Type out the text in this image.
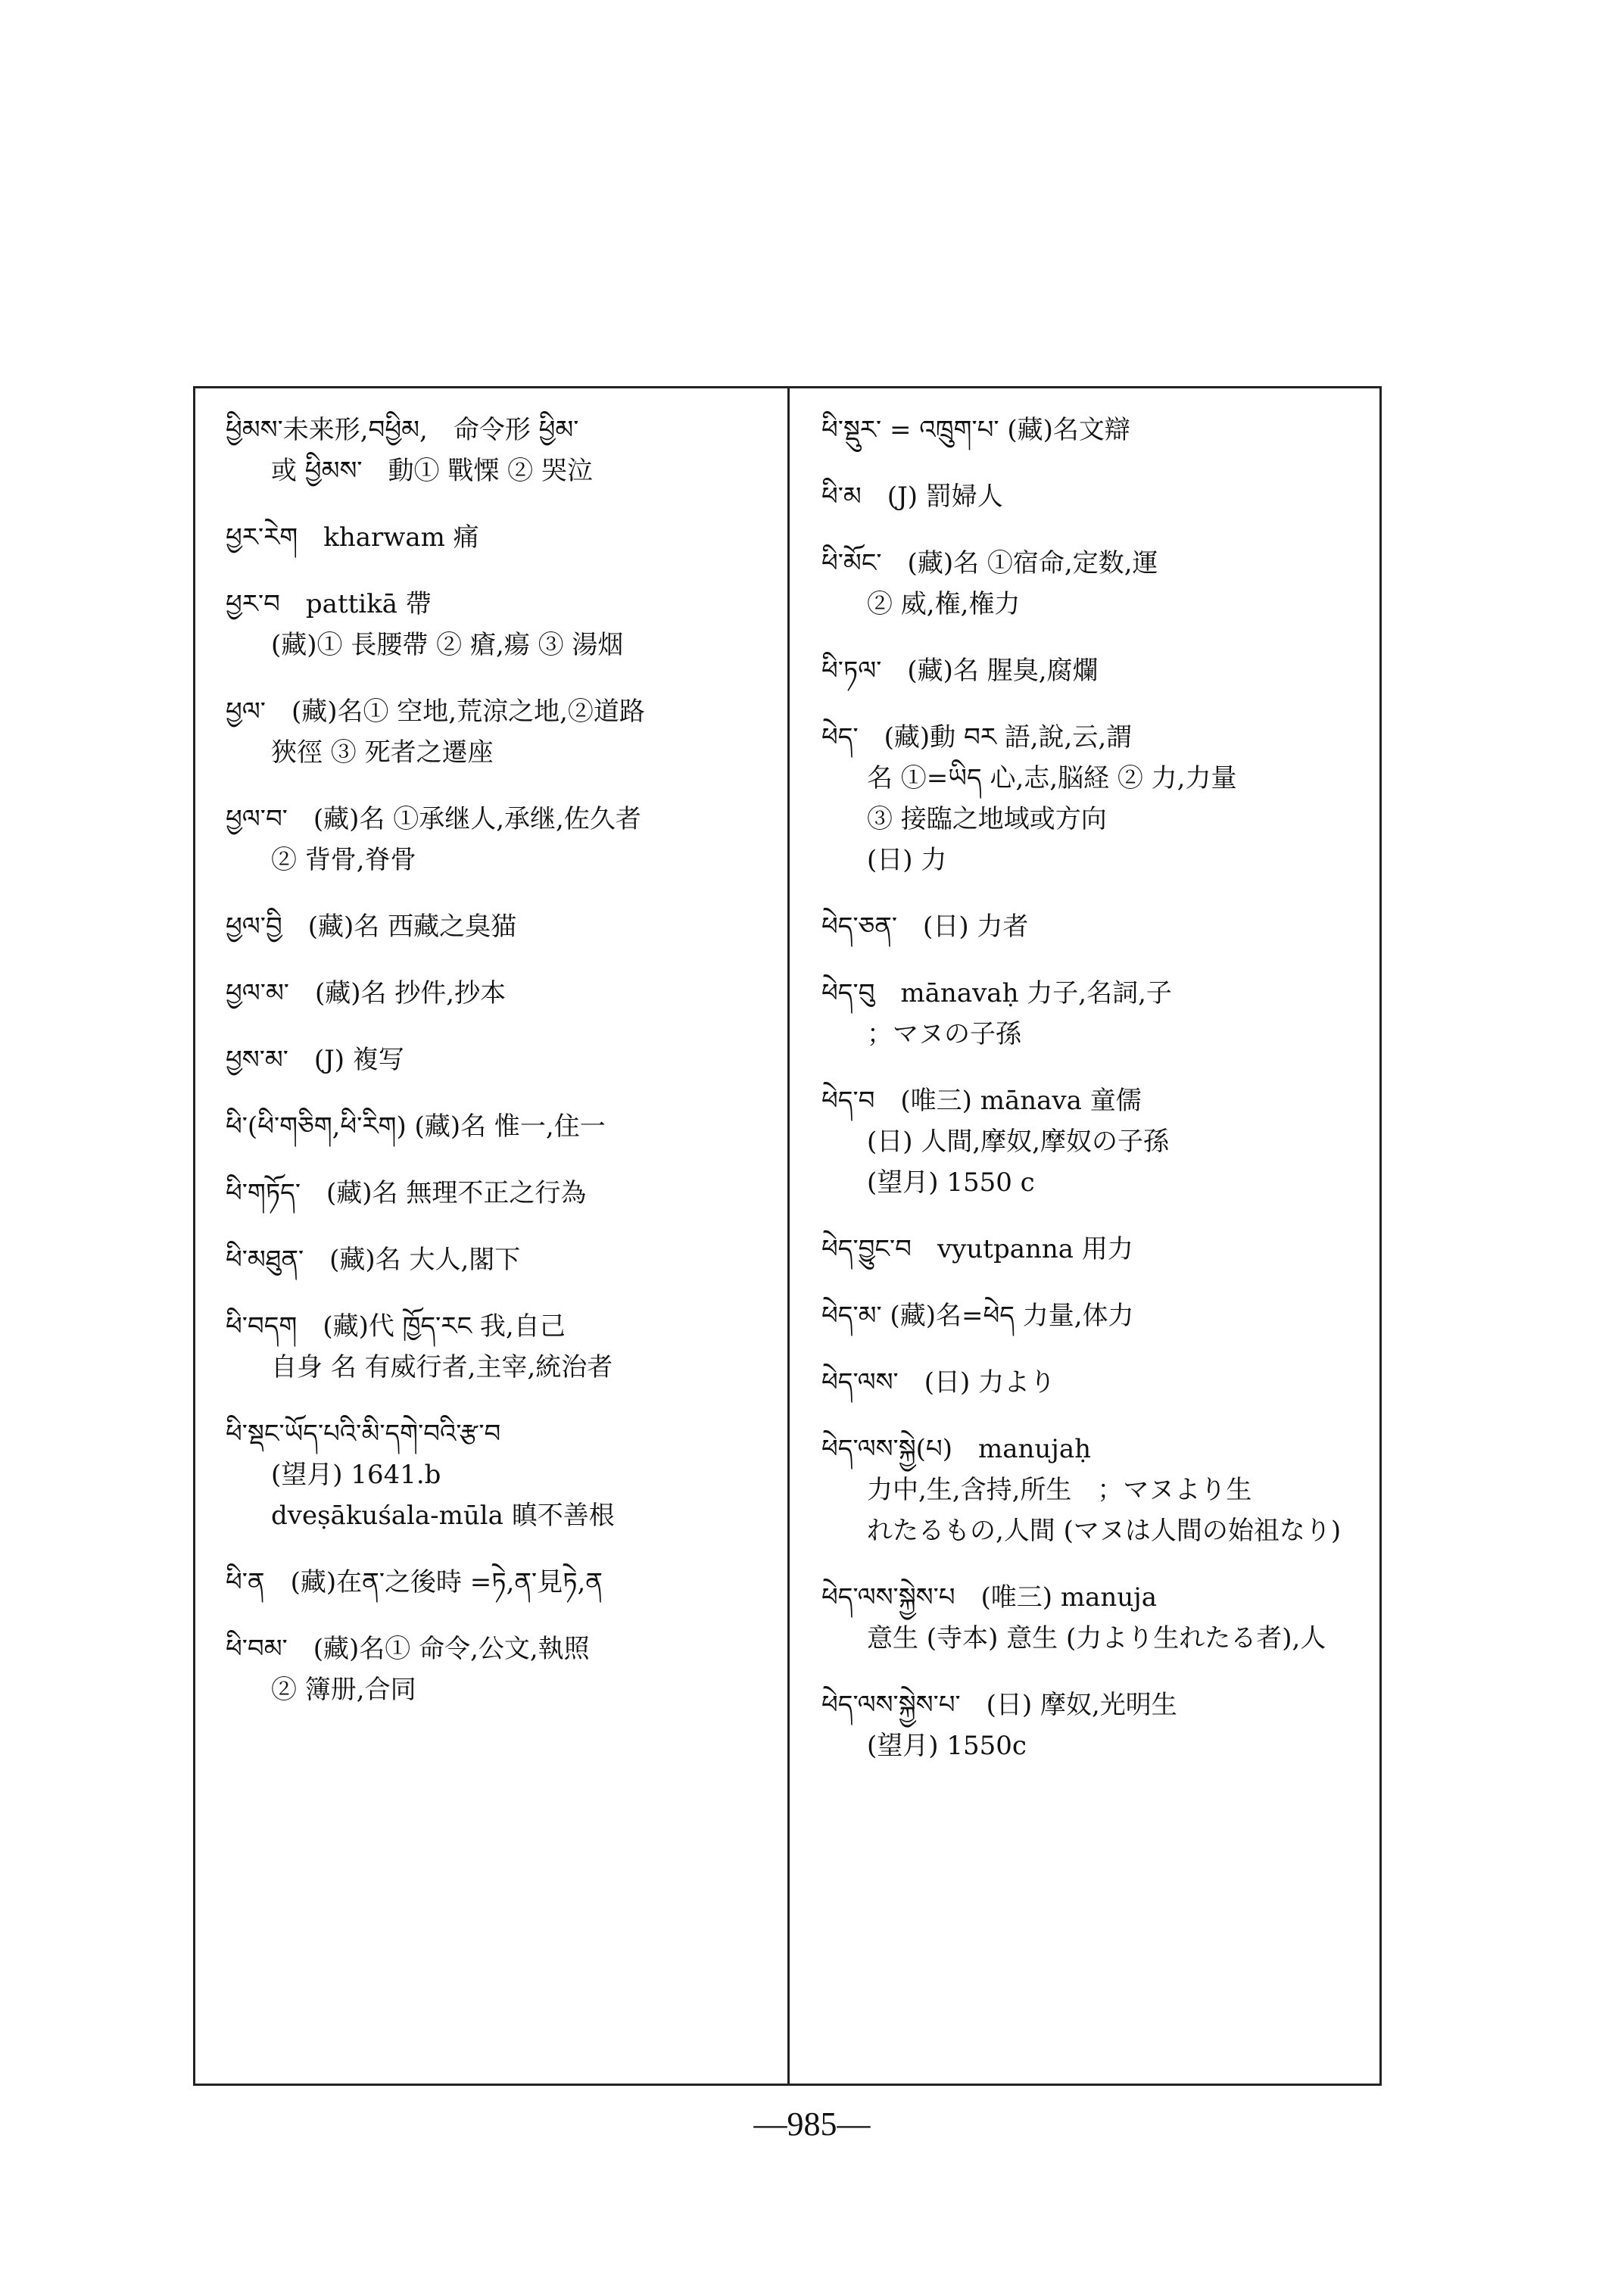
ཕྱིམས་未来形,བཕྱིམ,　命令形 ཕྱིམ་
或 ཕྱིམས་　動① 戰慄 ② 哭泣
ཕྱར་རེག　kharwam 痛
ཕྱར་བ　pattikā 帶
(藏)① 長腰帶 ② 瘡,瘍 ③ 湯烟
ཕྱལ་　(藏)名① 空地,荒涼之地,②道路
狹徑 ③ 死者之遷座
ཕྱལ་བ་　(藏)名 ①承继人,承继,佐久者
② 背骨,脊骨
ཕྱལ་བྱི　(藏)名 西藏之臭猫
ཕྱལ་མ་　(藏)名 抄件,抄本
ཕྱས་མ་　(J) 複写
ཕི་(ཕི་གཅིག,ཕི་རིག) (藏)名 惟一,住一
ཕི་གཏོད་　(藏)名 無理不正之行為
ཕི་མཐུན་　(藏)名 大人,閣下
ཕི་བདག　(藏)代 ཁྱོད་རང 我,自己
自身 名 有威行者,主宰,統治者
ཕི་སྡང་ཡོད་པའི་མི་དགེ་བའི་རྩ་བ
(望月) 1641.b
dveṣākuśala-mūla 瞋不善根
ཕི་ན　(藏)在ན་之後時 =ཏེ,ན་見ཏེ,ན
ཕི་བམ་　(藏)名① 命令,公文,執照
② 簿册,合同
ཕི་སྡུར་ = འཁྲུག་པ་ (藏)名文辯
ཕི་མ　(J) 罰婦人
ཕི་མོང་　(藏)名 ①宿命,定数,運
② 威,権,権力
ཕི་ཏལ་　(藏)名 腥臭,腐爛
ཕེད་　(藏)動 བར 語,說,云,謂
名 ①=ཡིད 心,志,脳経 ② 力,力量
③ 接臨之地域或方向
(日) 力
ཕེད་ཅན་　(日) 力者
ཕེད་བུ　mānavaḥ 力子,名詞,子
；マヌの子孫
ཕེད་བ　(唯三) mānava 童儒
(日) 人間,摩奴,摩奴の子孫
(望月) 1550 c
ཕེད་བྱུང་བ　vyutpanna 用力
ཕེད་མ་ (藏)名=ཕེད 力量,体力
ཕེད་ལས་　(日) 力より
ཕེད་ལས་སྐྱེ(པ)　manujaḥ
力中,生,含持,所生　；マヌより生
れたるもの,人間 (マヌは人間の始祖なり)
ཕེད་ལས་སྐྱེས་པ　(唯三) manuja
意生 (寺本) 意生 (力より生れたる者),人
ཕེད་ལས་སྐྱེས་པ་　(日) 摩奴,光明生
(望月) 1550c
—985—
